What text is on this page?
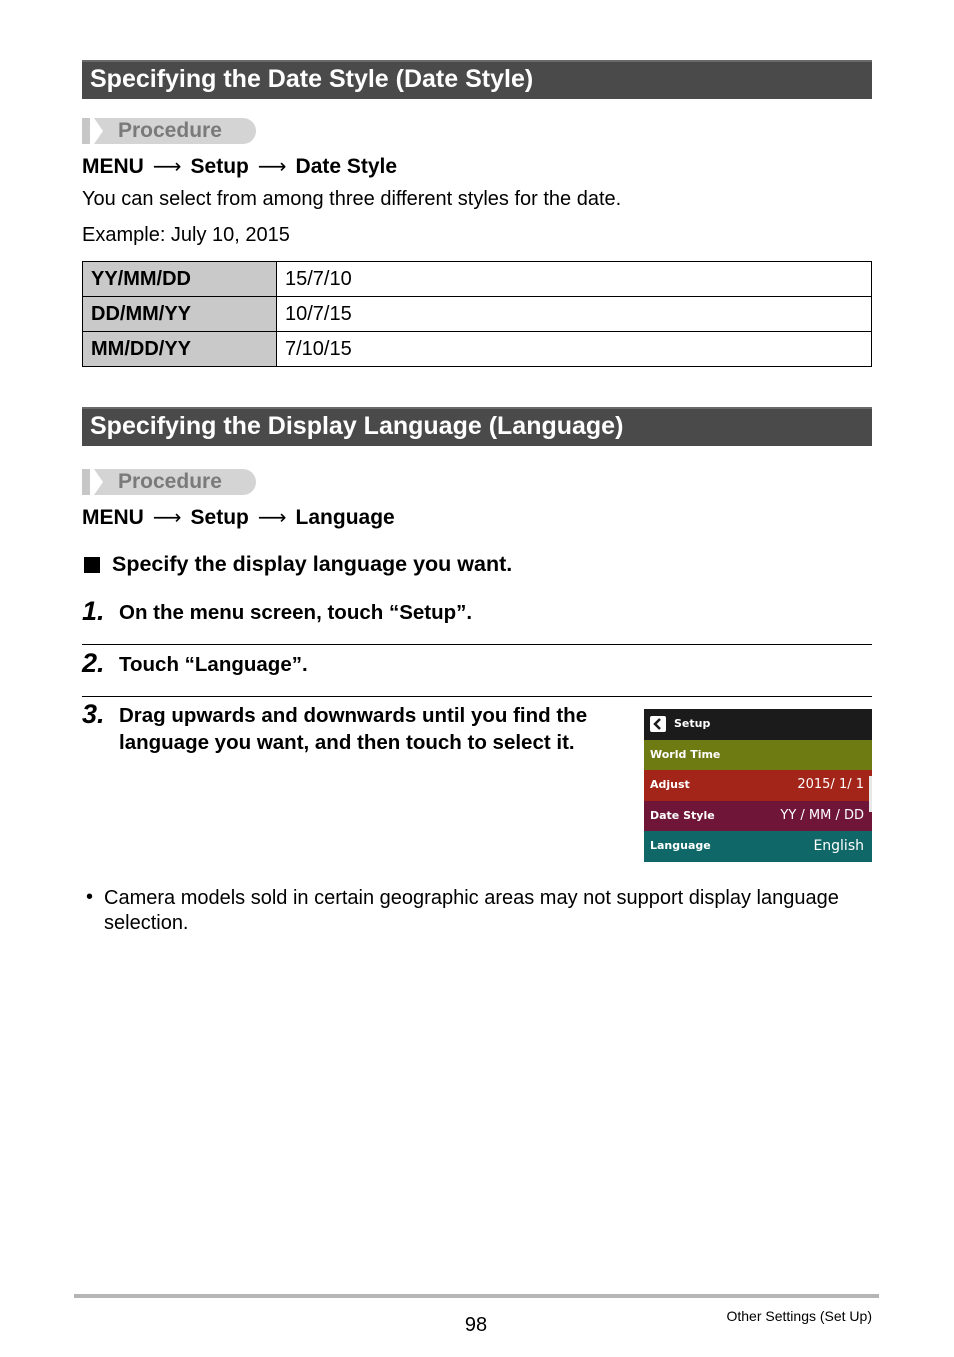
Specifying the Date Style (Date Style)
Procedure
MENU ⟶ Setup ⟶ Date Style
You can select from among three different styles for the date.
Example: July 10, 2015
YY/MM/DD	15/7/10
DD/MM/YY	10/7/15
MM/DD/YY	7/10/15
Specifying the Display Language (Language)
Procedure
MENU ⟶ Setup ⟶ Language
Specify the display language you want.
1. On the menu screen, touch “Setup”.
2. Touch “Language”.
3. Drag upwards and downwards until you find the language you want, and then touch to select it.
Setup
World Time
Adjust	2015/ 1/ 1
Date Style	YY / MM / DD
Language	English
• Camera models sold in certain geographic areas may not support display language selection.
98	Other Settings (Set Up)
